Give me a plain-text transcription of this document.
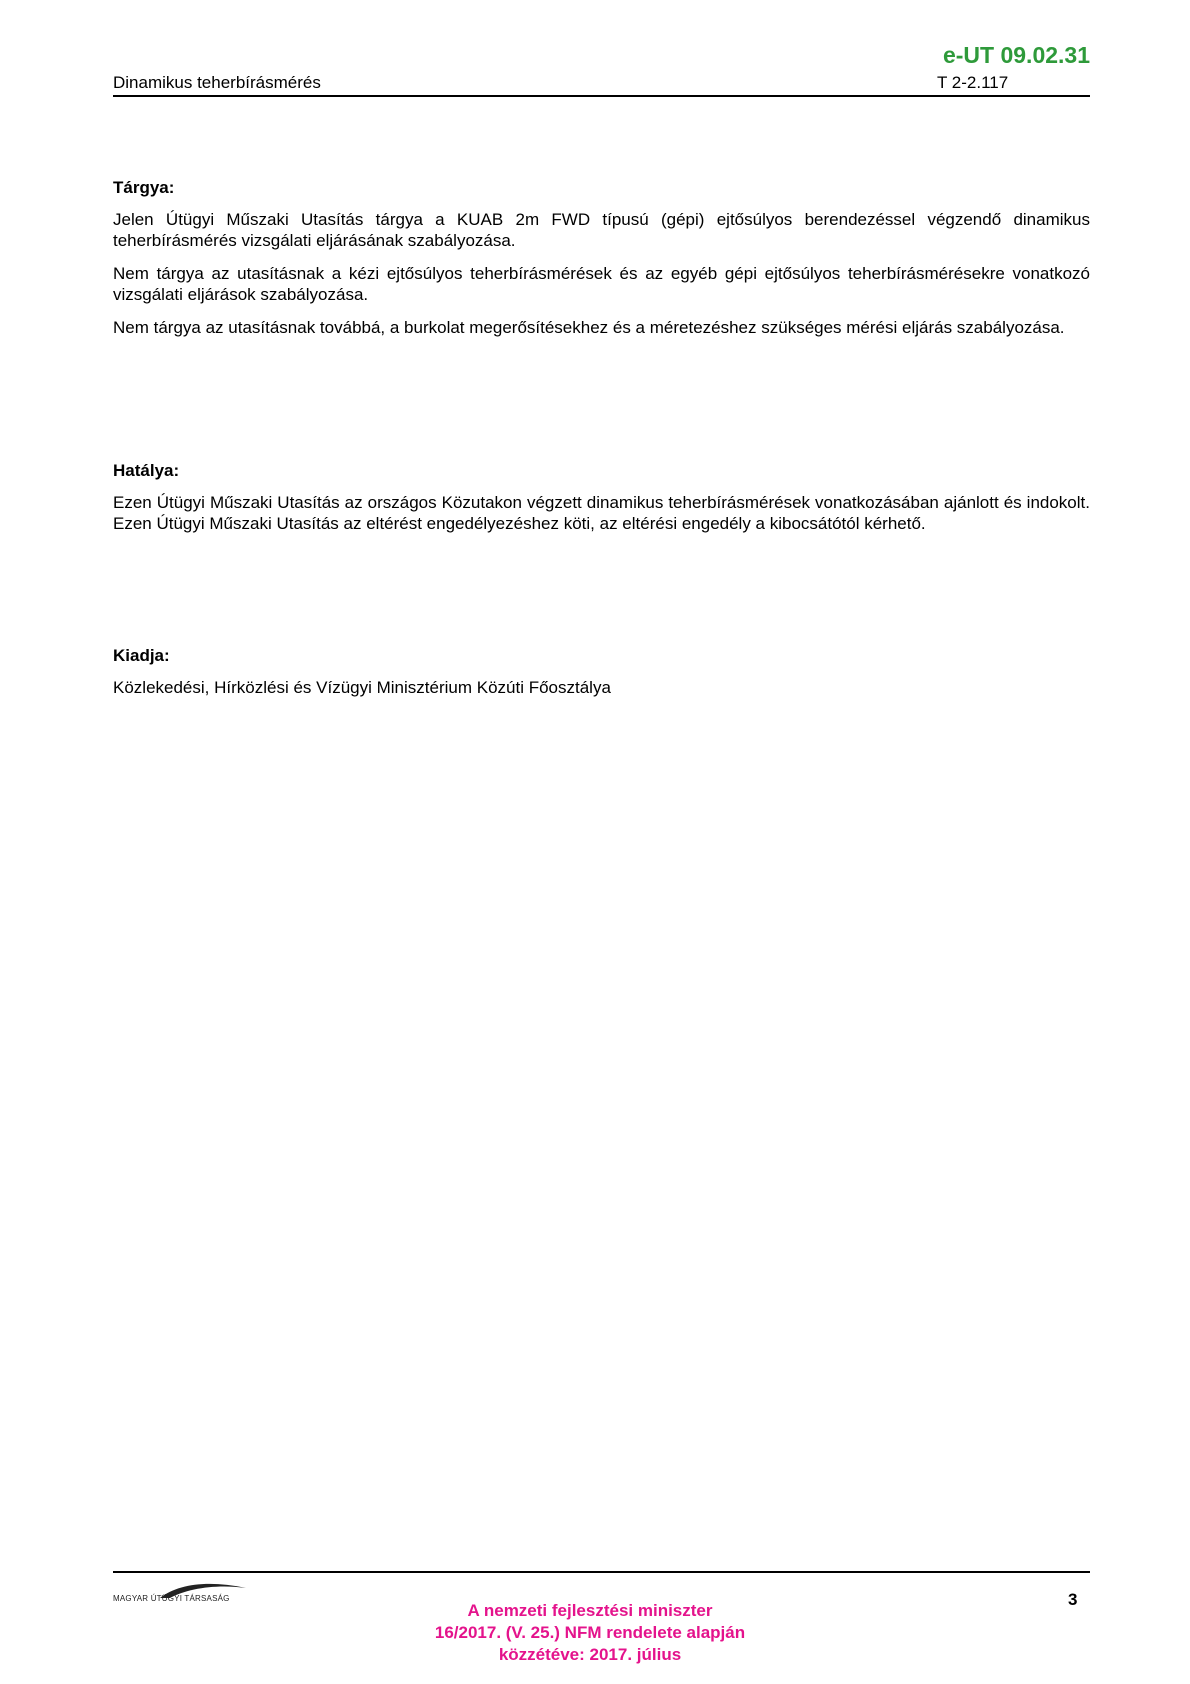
e-UT 09.02.31
Dinamikus teherbírásmérés	T 2-2.117
Tárgya:

Jelen Útügyi Műszaki Utasítás tárgya a KUAB 2m FWD típusú (gépi) ejtősúlyos berendezéssel végzendő dinamikus teherbírásmérés vizsgálati eljárásának szabályozása.

Nem tárgya az utasításnak a kézi ejtősúlyos teherbírásmérések és az egyéb gépi ejtősúlyos teherbírásmérésekre vonatkozó vizsgálati eljárások szabályozása.

Nem tárgya az utasításnak továbbá, a burkolat megerősítésekhez és a méretezéshez szükséges mérési eljárás szabályozása.

Hatálya:

Ezen Útügyi Műszaki Utasítás az országos Közutakon végzett dinamikus teherbírásmérések vonatkozásában ajánlott és indokolt. Ezen Útügyi Műszaki Utasítás az eltérést engedélyezéshez köti, az eltérési engedély a kibocsátótól kérhető.

Kiadja:

Közlekedési, Hírközlési és Vízügyi Minisztérium Közúti Főosztálya

MAGYAR ÚTÜGYI TÁRSASÁG	3
A nemzeti fejlesztési miniszter
16/2017. (V. 25.) NFM rendelete alapján
közzétéve: 2017. július
